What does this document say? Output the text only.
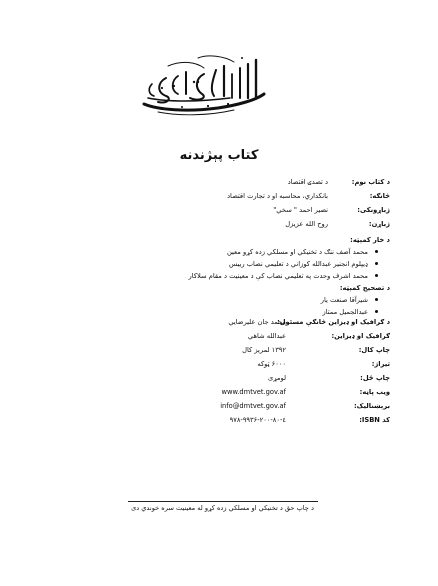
کتاب پېژندنه
د کتاب نوم:
د تصدۍ اقتصاد
څانګه:
بانکداري، محاسبه او د تجارت اقتصاد
ژباړونکی:
نصیر احمد " سخي"
ژباړن:
روح الله عزیزل
د خار کمېټه:
محمد آصف ننګ د تخنیکي او مسلکي زده کړو معین
ډیپلوم انجنیر عبدالله کوزاني د تعلیمي نصاب رییس
محمد اشرف وحدت په تعلیمي نصاب کې د معینیت د مقام سلاکار
د تصحیح کمېټه:
شیرآقا صنعت یار
عبدالجمیل ممتاز
د ګرافیک او ډیزاین څانګې مسئول:
محمد جان علیرضایي
ګرافیک او ډیزاین:
عبدالله شاهي
چاپ کال:
۱۳۹۲ لمریز کال
تیراژ:
۶۰۰۰ ټوکه
چاپ ځل:
لومړی
ویب پاڼه:
www.dmtvet.gov.af
برېښنالیک:
info@dmtvet.gov.af
کد ISBN:
۹۷۸-۹۹۳۶-۲۰۰-۸۰-٤
د چاپ حق د تخنیکي او مسلکي زده کړو له معینیت سره خوندي دی
